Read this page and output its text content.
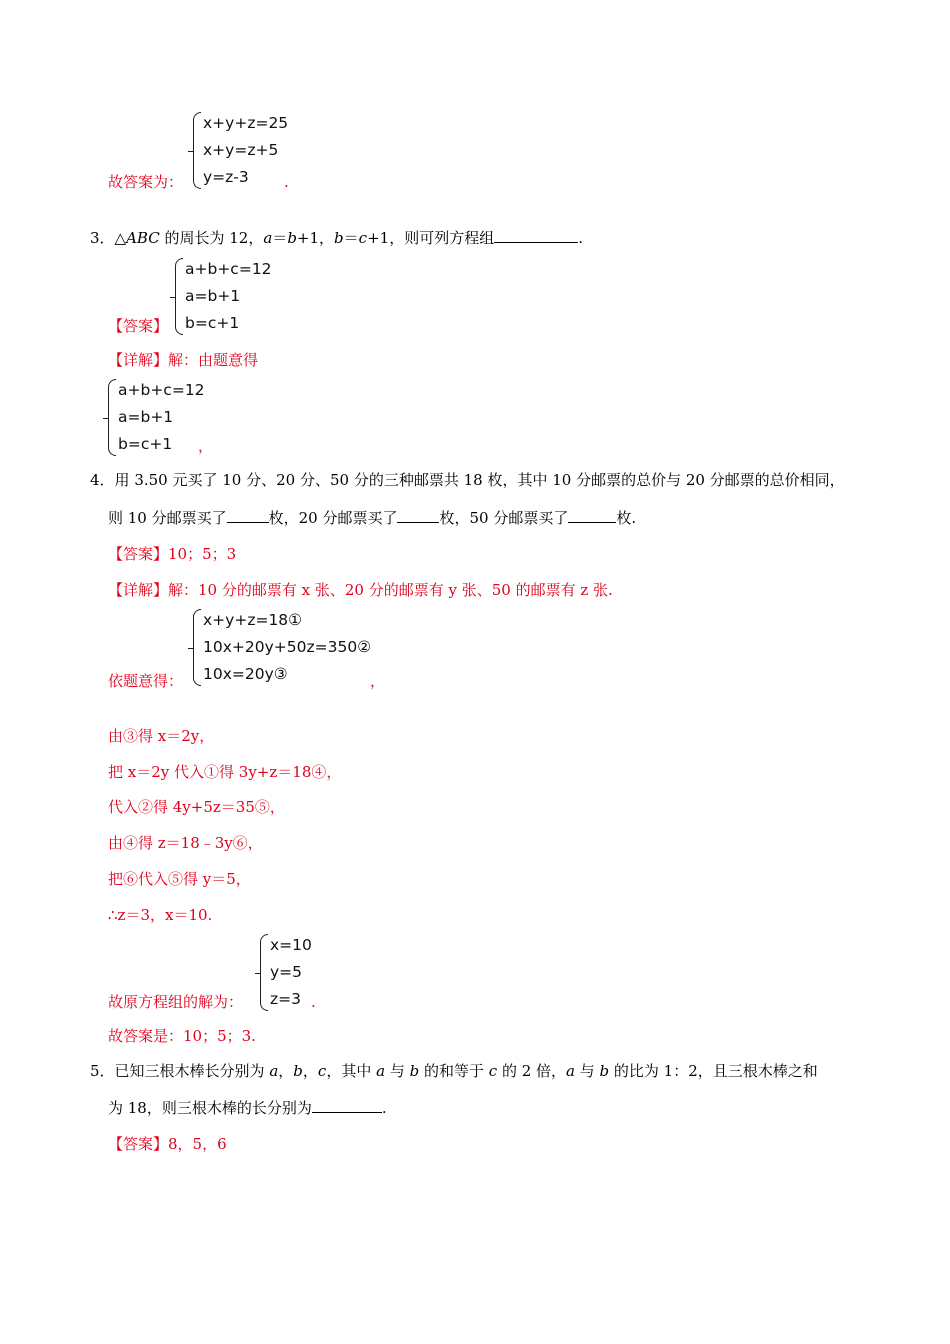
x+y+z=25
x+y=z+5
y=z-3
故答案为：	.
3．△ABC 的周长为 12，a＝b+1，b＝c+1，则可列方程组	.
a+b+c=12
a=b+1
b=c+1
【答案】
【详解】解：由题意得
a+b+c=12
a=b+1
b=c+1	，
4．用 3.50 元买了 10 分、20 分、50 分的三种邮票共 18 枚，其中 10 分邮票的总价与 20 分邮票的总价相同，
则 10 分邮票买了	枚，20 分邮票买了	枚，50 分邮票买了	枚.
【答案】10；5；3
【详解】解：10 分的邮票有 x 张、20 分的邮票有 y 张、50 的邮票有 z 张.
x+y+z=18①
10x+20y+50z=350②
10x=20y③
依题意得：	，
由③得 x＝2y，
把 x＝2y 代入①得 3y+z＝18④，
代入②得 4y+5z＝35⑤，
由④得 z＝18﹣3y⑥，
把⑥代入⑤得 y＝5，
∴z＝3，x＝10.
x=10
y=5
z=3
故原方程组的解为：	.
故答案是：10；5；3.
5．已知三根木棒长分别为 a，b，c，其中 a 与 b 的和等于 c 的 2 倍，a 与 b 的比为 1：2，且三根木棒之和
为 18，则三根木棒的长分别为	.
【答案】8，5，6
